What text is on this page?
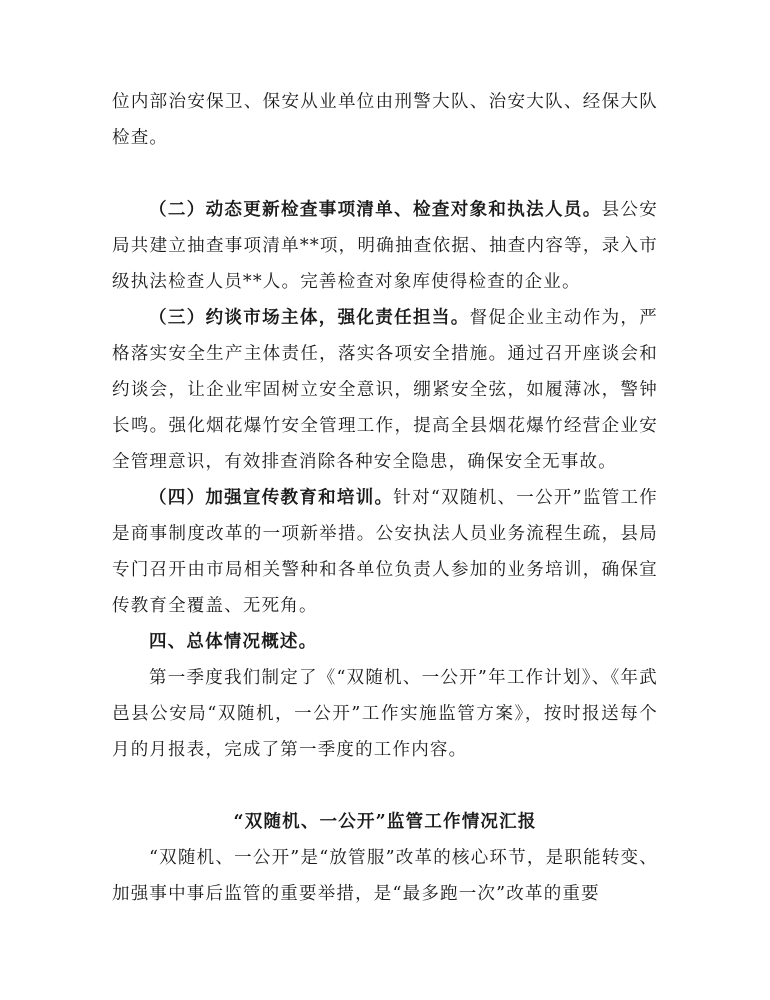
位内部治安保卫、保安从业单位由刑警大队、治安大队、经保大队检查。

（二）动态更新检查事项清单、检查对象和执法人员。县公安局共建立抽查事项清单**项，明确抽查依据、抽查内容等，录入市级执法检查人员**人。完善检查对象库使得检查的企业。

（三）约谈市场主体，强化责任担当。督促企业主动作为，严格落实安全生产主体责任，落实各项安全措施。通过召开座谈会和约谈会，让企业牢固树立安全意识，绷紧安全弦，如履薄冰，警钟长鸣。强化烟花爆竹安全管理工作，提高全县烟花爆竹经营企业安全管理意识，有效排查消除各种安全隐患，确保安全无事故。

（四）加强宣传教育和培训。针对“双随机、一公开”监管工作是商事制度改革的一项新举措。公安执法人员业务流程生疏，县局专门召开由市局相关警种和各单位负责人参加的业务培训，确保宣传教育全覆盖、无死角。

四、总体情况概述。

第一季度我们制定了《“双随机、一公开”年工作计划》、《年武邑县公安局“双随机，一公开”工作实施监管方案》，按时报送每个月的月报表，完成了第一季度的工作内容。

“双随机、一公开”监管工作情况汇报

“双随机、一公开”是“放管服”改革的核心环节，是职能转变、加强事中事后监管的重要举措，是“最多跑一次”改革的重要
